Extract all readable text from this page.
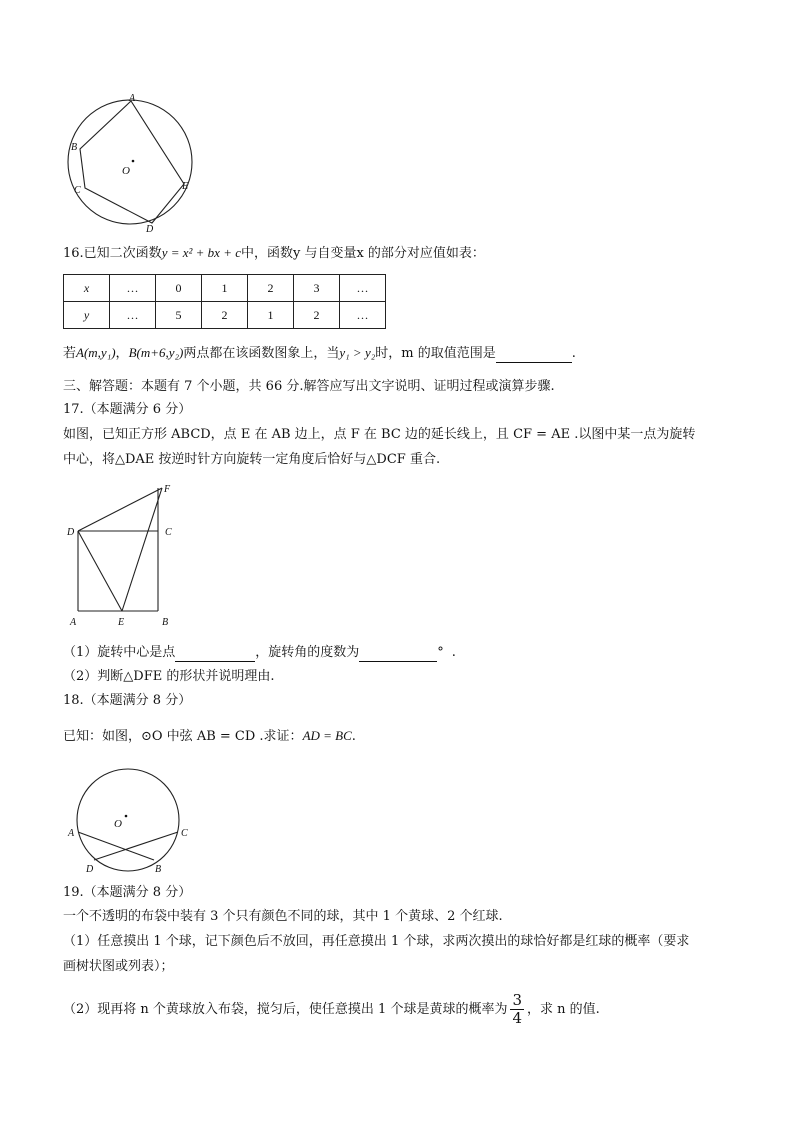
A
B
C
D
E
O
16.已知二次函数y = x² + bx + c中，函数y 与自变量x 的部分对应值如表：
x	…	0	1	2	3	…
y	…	5	2	1	2	…
若A(m,y₁)，B(m+6,y₂)两点都在该函数图象上，当y₁ > y₂时，m 的取值范围是	.
三、解答题：本题有 7 个小题，共 66 分.解答应写出文字说明、证明过程或演算步骤.
17.（本题满分 6 分）
如图，已知正方形 ABCD，点 E 在 AB 边上，点 F 在 BC 边的延长线上，且 CF = AE .以图中某一点为旋转
中心，将△DAE 按逆时针方向旋转一定角度后恰好与△DCF 重合.
F
D	C
A	E	B
（1）旋转中心是点	，旋转角的度数为	° .
（2）判断△DFE 的形状并说明理由.
18.（本题满分 8 分）
已知：如图，⊙O 中弦 AB = CD .求证：AD = BC.
O
A	C
D	B
19.（本题满分 8 分）
一个不透明的布袋中装有 3 个只有颜色不同的球，其中 1 个黄球、2 个红球.
（1）任意摸出 1 个球，记下颜色后不放回，再任意摸出 1 个球，求两次摸出的球恰好都是红球的概率（要求
画树状图或列表）；
（2）现再将 n 个黄球放入布袋，搅匀后，使任意摸出 1 个球是黄球的概率为 $\frac{3}{4}$ ，求 n 的值.
